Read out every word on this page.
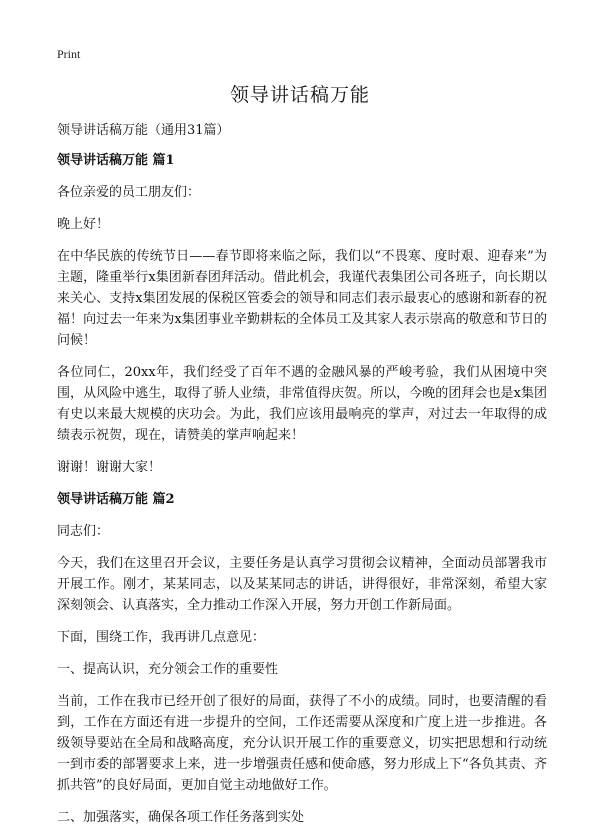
Print
领导讲话稿万能

领导讲话稿万能（通用31篇）

领导讲话稿万能 篇1

各位亲爱的员工朋友们：

晚上好！

在中华民族的传统节日——春节即将来临之际，我们以“不畏寒、度时艰、迎春来”为主题，隆重举行x集团新春团拜活动。借此机会，我谨代表集团公司各班子，向长期以来关心、支持x集团发展的保税区管委会的领导和同志们表示最衷心的感谢和新春的祝福！向过去一年来为x集团事业辛勤耕耘的全体员工及其家人表示崇高的敬意和节日的问候！

各位同仁，20xx年，我们经受了百年不遇的金融风暴的严峻考验，我们从困境中突围，从风险中逃生，取得了骄人业绩，非常值得庆贺。所以，今晚的团拜会也是x集团有史以来最大规模的庆功会。为此，我们应该用最响亮的掌声，对过去一年取得的成绩表示祝贺，现在，请赞美的掌声响起来！

谢谢！谢谢大家！

领导讲话稿万能 篇2

同志们：

今天，我们在这里召开会议，主要任务是认真学习贯彻会议精神，全面动员部署我市开展工作。刚才，某某同志，以及某某同志的讲话，讲得很好，非常深刻，希望大家深刻领会、认真落实，全力推动工作深入开展，努力开创工作新局面。

下面，围绕工作，我再讲几点意见：

一、提高认识，充分领会工作的重要性

当前，工作在我市已经开创了很好的局面，获得了不小的成绩。同时，也要清醒的看到，工作在方面还有进一步提升的空间，工作还需要从深度和广度上进一步推进。各级领导要站在全局和战略高度，充分认识开展工作的重要意义，切实把思想和行动统一到市委的部署要求上来，进一步增强责任感和使命感，努力形成上下“各负其责、齐抓共管”的良好局面，更加自觉主动地做好工作。

二、加强落实，确保各项工作任务落到实处
